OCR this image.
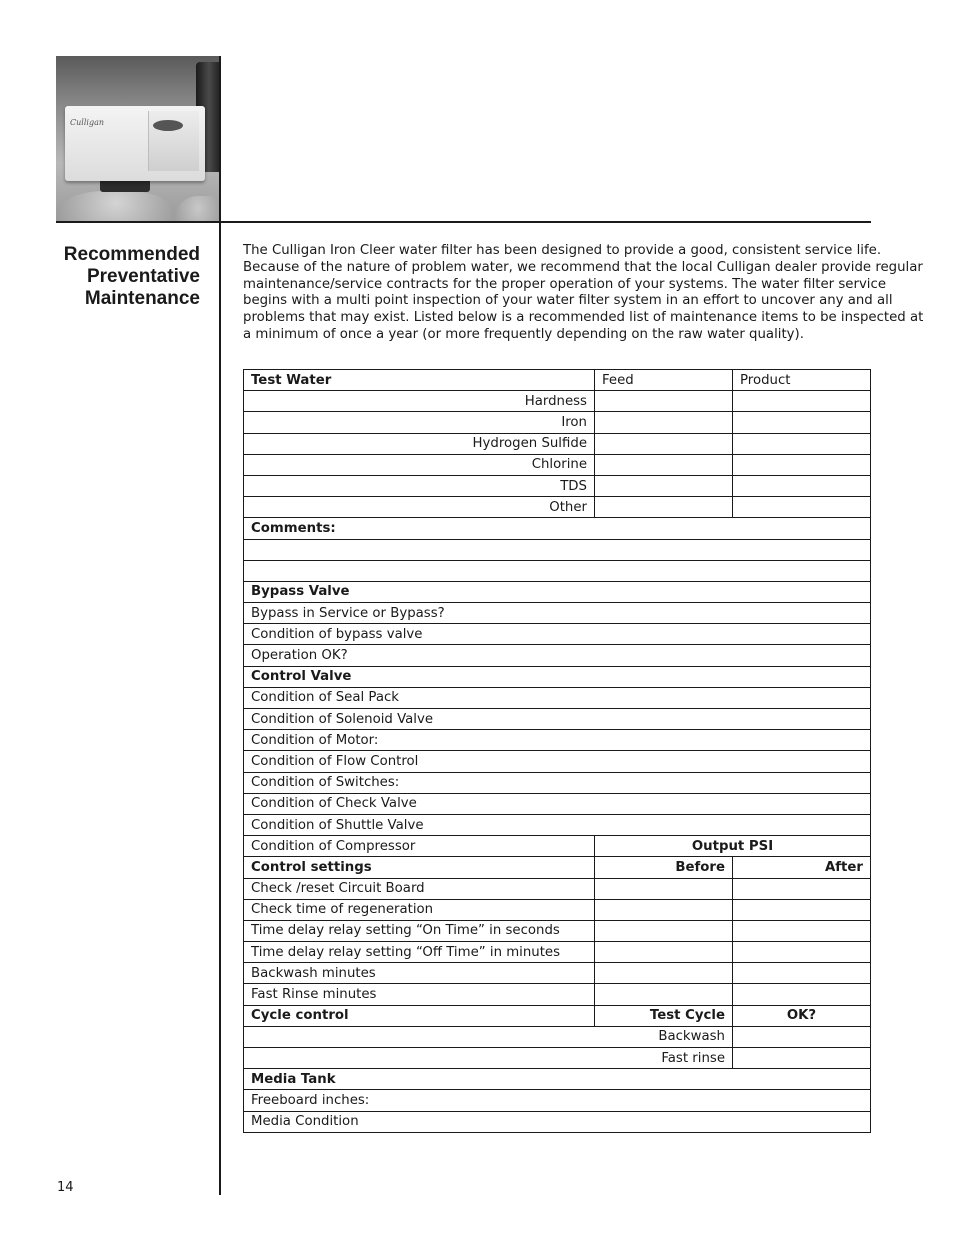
Culligan
Recommended
Preventative
Maintenance
The Culligan Iron Cleer water filter has been designed to provide a good, consistent service life.
Because of the nature of problem water, we recommend that the local Culligan dealer provide regular
maintenance/service contracts for the proper operation of your systems. The water filter service
begins with a multi point inspection of your water filter system in an effort to uncover any and all
problems that may exist. Listed below is a recommended list of maintenance items to be inspected at
a minimum of once a year (or more frequently depending on the raw water quality).
Test Water	Feed	Product
Hardness		
Iron		
Hydrogen Sulfide		
Chlorine		
TDS		
Other		
Comments:		

Bypass Valve		
Bypass in Service or Bypass?		
Condition of bypass valve		
Operation OK?		
Control Valve		
Condition of Seal Pack		
Condition of Solenoid Valve		
Condition of Motor:		
Condition of Flow Control		
Condition of Switches:		
Condition of Check Valve		
Condition of Shuttle Valve		
Condition of Compressor	Output PSI	
Control settings	Before	After
Check /reset Circuit Board		
Check time of regeneration		
Time delay relay setting “On Time” in seconds		
Time delay relay setting “Off Time” in minutes		
Backwash minutes		
Fast Rinse minutes		
Cycle control	Test Cycle	OK?
Backwash		
Fast rinse		
Media Tank		
Freeboard inches:		
Media Condition		
14
